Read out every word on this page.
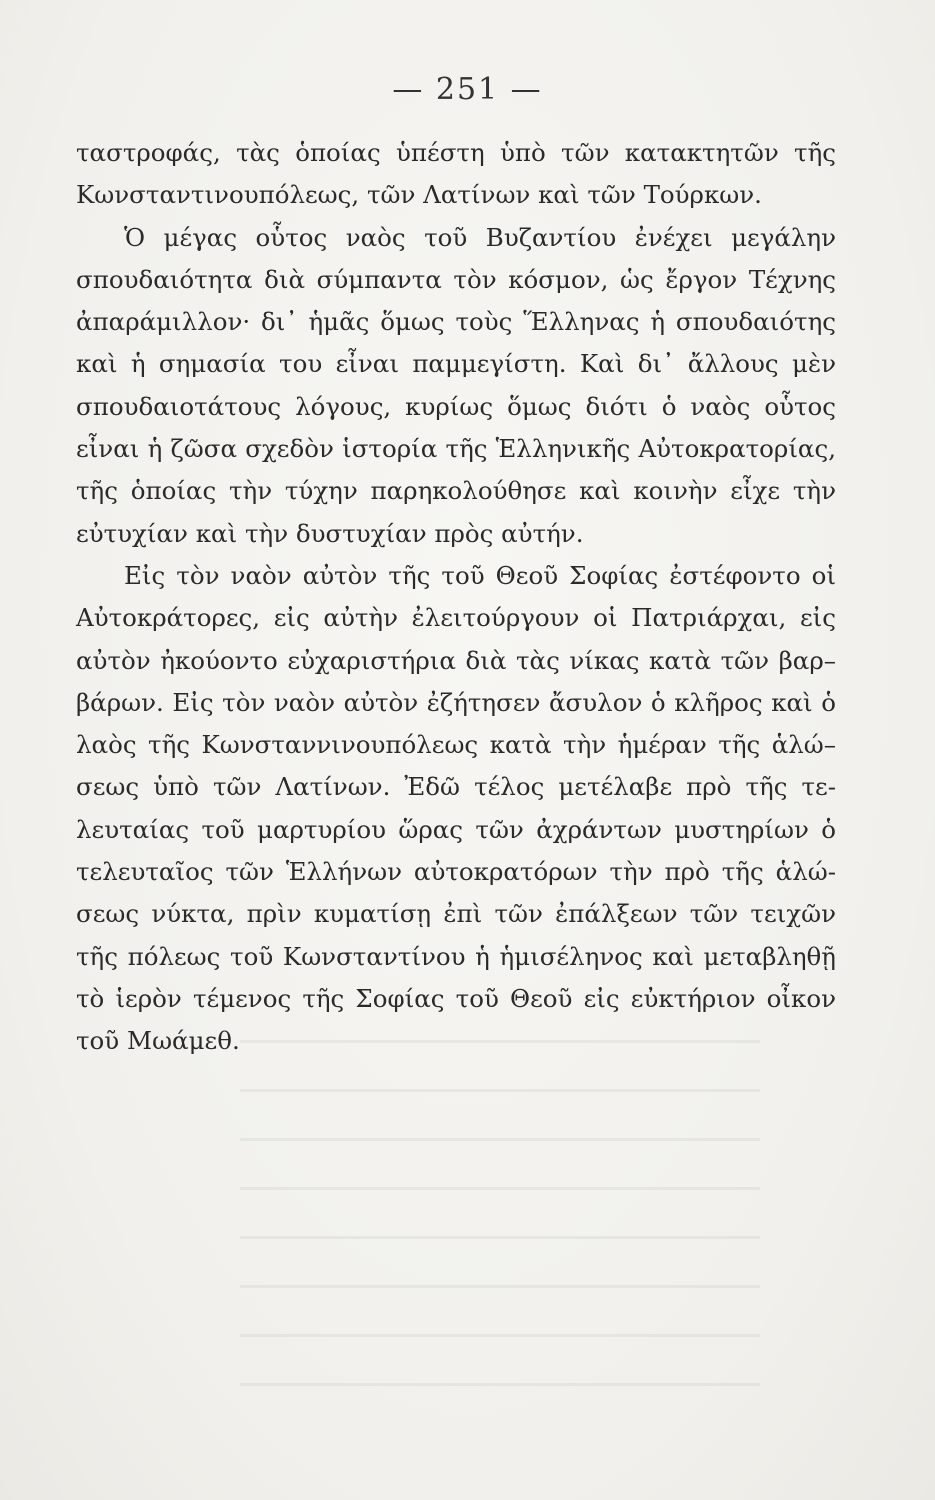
— 251 —
ταστροφάς, τὰς ὁποίας ὑπέστη ὑπὸ τῶν κατακτητῶν τῆς
Κωνσταντινουπόλεως, τῶν Λατίνων καὶ τῶν Τούρκων.
Ὁ μέγας οὗτος ναὸς τοῦ Βυζαντίου ἐνέχει μεγάλην
σπουδαιότητα διὰ σύμπαντα τὸν κόσμον, ὡς ἔργον Τέχνης
ἀπαράμιλλον· δι᾽ ἡμᾶς ὅμως τοὺς Ἕλληνας ἡ σπουδαιότης
καὶ ἡ σημασία του εἶναι παμμεγίστη. Καὶ δι᾽ ἄλλους μὲν
σπουδαιοτάτους λόγους, κυρίως ὅμως διότι ὁ ναὸς οὗτος
εἶναι ἡ ζῶσα σχεδὸν ἱστορία τῆς Ἑλληνικῆς Αὐτοκρατορίας,
τῆς ὁποίας τὴν τύχην παρηκολούθησε καὶ κοινὴν εἶχε τὴν
εὐτυχίαν καὶ τὴν δυστυχίαν πρὸς αὐτήν.
Εἰς τὸν ναὸν αὐτὸν τῆς τοῦ Θεοῦ Σοφίας ἐστέφοντο οἱ
Αὐτοκράτορες, εἰς αὐτὴν ἐλειτούργουν οἱ Πατριάρχαι, εἰς
αὐτὸν ἠκούοντο εὐχαριστήρια διὰ τὰς νίκας κατὰ τῶν βαρ–
βάρων. Εἰς τὸν ναὸν αὐτὸν ἐζήτησεν ἄσυλον ὁ κλῆρος καὶ ὁ
λαὸς τῆς Κωνσταννινουπόλεως κατὰ τὴν ἡμέραν τῆς ἁλώ–
σεως ὑπὸ τῶν Λατίνων. Ἐδῶ τέλος μετέλαβε πρὸ τῆς τε-
λευταίας τοῦ μαρτυρίου ὥρας τῶν ἀχράντων μυστηρίων ὁ
τελευταῖος τῶν Ἑλλήνων αὐτοκρατόρων τὴν πρὸ τῆς ἁλώ-
σεως νύκτα, πρὶν κυματίσῃ ἐπὶ τῶν ἐπάλξεων τῶν τειχῶν
τῆς πόλεως τοῦ Κωνσταντίνου ἡ ἡμισέληνος καὶ μεταβληθῇ
τὸ ἱερὸν τέμενος τῆς Σοφίας τοῦ Θεοῦ εἰς εὐκτήριον οἶκον
τοῦ Μωάμεθ.
